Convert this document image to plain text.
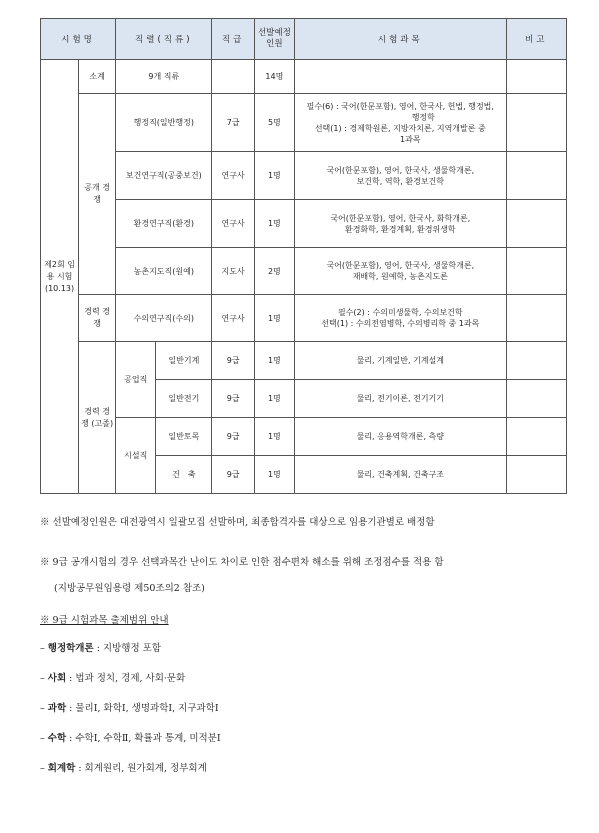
시험명		직렬(직류)		직급	선발예정 인원	시험과목	비고
제2회 임용 시험 (10.13)	소계	9개 직류			14명		
	공개 경쟁	행정직(일반행정)		7급	5명	필수(6) : 국어(한문포함), 영어, 한국사, 헌법, 행정법,
행정학
선택(1) : 경제학원론, 지방자치론, 지역개발론 중
1과목	

		보건연구직(공중보건)		연구사	1명	국어(한문포함), 영어, 한국사, 생물학개론,
보건학, 역학, 환경보건학	

		환경연구직(환경)		연구사	1명	국어(한문포함), 영어, 한국사, 화학개론,
환경화학, 환경계획, 환경위생학	

		농촌지도직(원예)		지도사	2명	국어(한문포함), 영어, 한국사, 생물학개론,
재배학, 원예학, 농촌지도론	

	경력 경쟁	수의연구직(수의)		연구사	1명	필수(2) : 수의미생물학, 수의보건학
선택(1) : 수의전염병학, 수의병리학 중 1과목	

	경력 경쟁 (고졸)	공업직	일반기계	9급	1명	물리, 기계일반, 기계설계	
			일반전기	9급	1명	물리, 전기이론, 전기기기	
		시설직	일반토목	9급	1명	물리, 응용역학개론, 측량	
			건　축	9급	1명	물리, 건축계획, 건축구조	
※ 선발예정인원은 대전광역시 일괄모집 선발하며, 최종합격자를 대상으로 임용기관별로 배정함
※ 9급 공개시험의 경우 선택과목간 난이도 차이로 인한 점수편차 해소를 위해 조정점수를 적용 함
(지방공무원임용령 제50조의2 참조)
※ 9급 시험과목 출제범위 안내
– 행정학개론 : 지방행정 포함
– 사회 : 법과 정치, 경제, 사회·문화
– 과학 : 물리Ⅰ, 화학Ⅰ, 생명과학Ⅰ, 지구과학Ⅰ
– 수학 : 수학Ⅰ, 수학Ⅱ, 확률과 통계, 미적분Ⅰ
– 회계학 : 회계원리, 원가회계, 정부회계
